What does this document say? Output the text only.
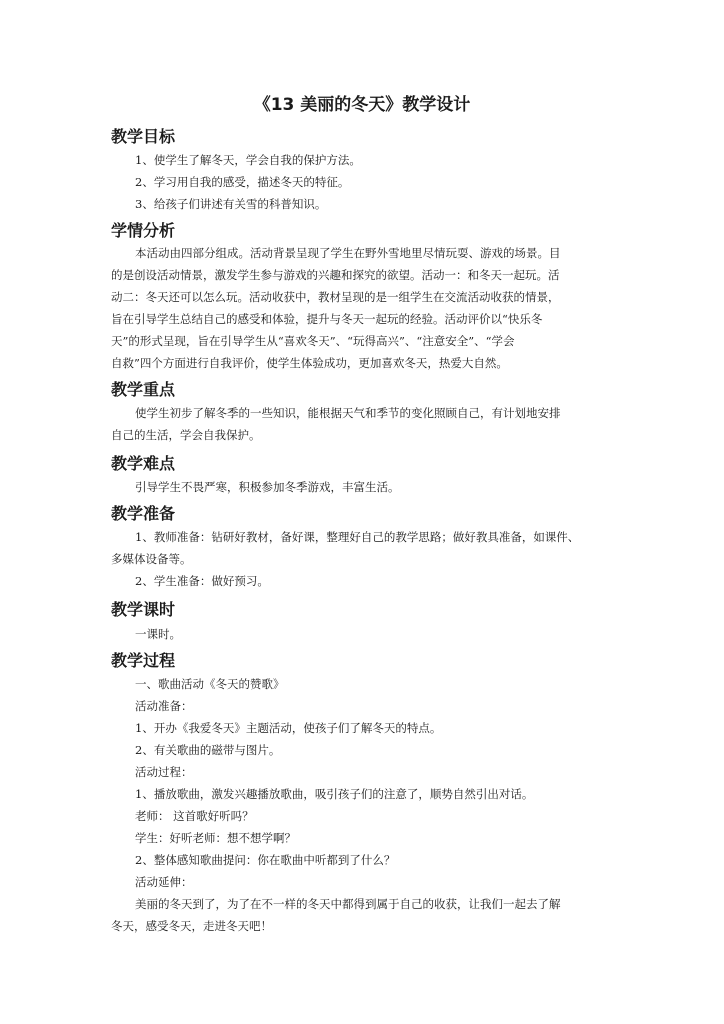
《13 美丽的冬天》教学设计
教学目标
1、使学生了解冬天，学会自我的保护方法。
2、学习用自我的感受，描述冬天的特征。
3、给孩子们讲述有关雪的科普知识。
学情分析
本活动由四部分组成。活动背景呈现了学生在野外雪地里尽情玩耍、游戏的场景。目
的是创设活动情景，激发学生参与游戏的兴趣和探究的欲望。活动一：和冬天一起玩。活
动二：冬天还可以怎么玩。活动收获中，教材呈现的是一组学生在交流活动收获的情景，
旨在引导学生总结自己的感受和体验，提升与冬天一起玩的经验。活动评价以“快乐冬
天”的形式呈现，旨在引导学生从“喜欢冬天”、“玩得高兴”、“注意安全”、“学会
自救”四个方面进行自我评价，使学生体验成功，更加喜欢冬天，热爱大自然。
教学重点
使学生初步了解冬季的一些知识，能根据天气和季节的变化照顾自己，有计划地安排
自己的生活，学会自我保护。
教学难点
引导学生不畏严寒，积极参加冬季游戏，丰富生活。
教学准备
1、教师准备：钻研好教材，备好课，整理好自己的教学思路；做好教具准备，如课件、
多媒体设备等。
2、学生准备：做好预习。
教学课时
一课时。
教学过程
一、歌曲活动《冬天的赞歌》
活动准备：
1、开办《我爱冬天》主题活动，使孩子们了解冬天的特点。
2、有关歌曲的磁带与图片。
活动过程：
1、播放歌曲，激发兴趣播放歌曲，吸引孩子们的注意了，顺势自然引出对话。
老师： 这首歌好听吗？
学生：好听老师：想不想学啊？
2、整体感知歌曲提问：你在歌曲中听都到了什么？
活动延伸：
美丽的冬天到了，为了在不一样的冬天中都得到属于自己的收获，让我们一起去了解
冬天，感受冬天，走进冬天吧！
